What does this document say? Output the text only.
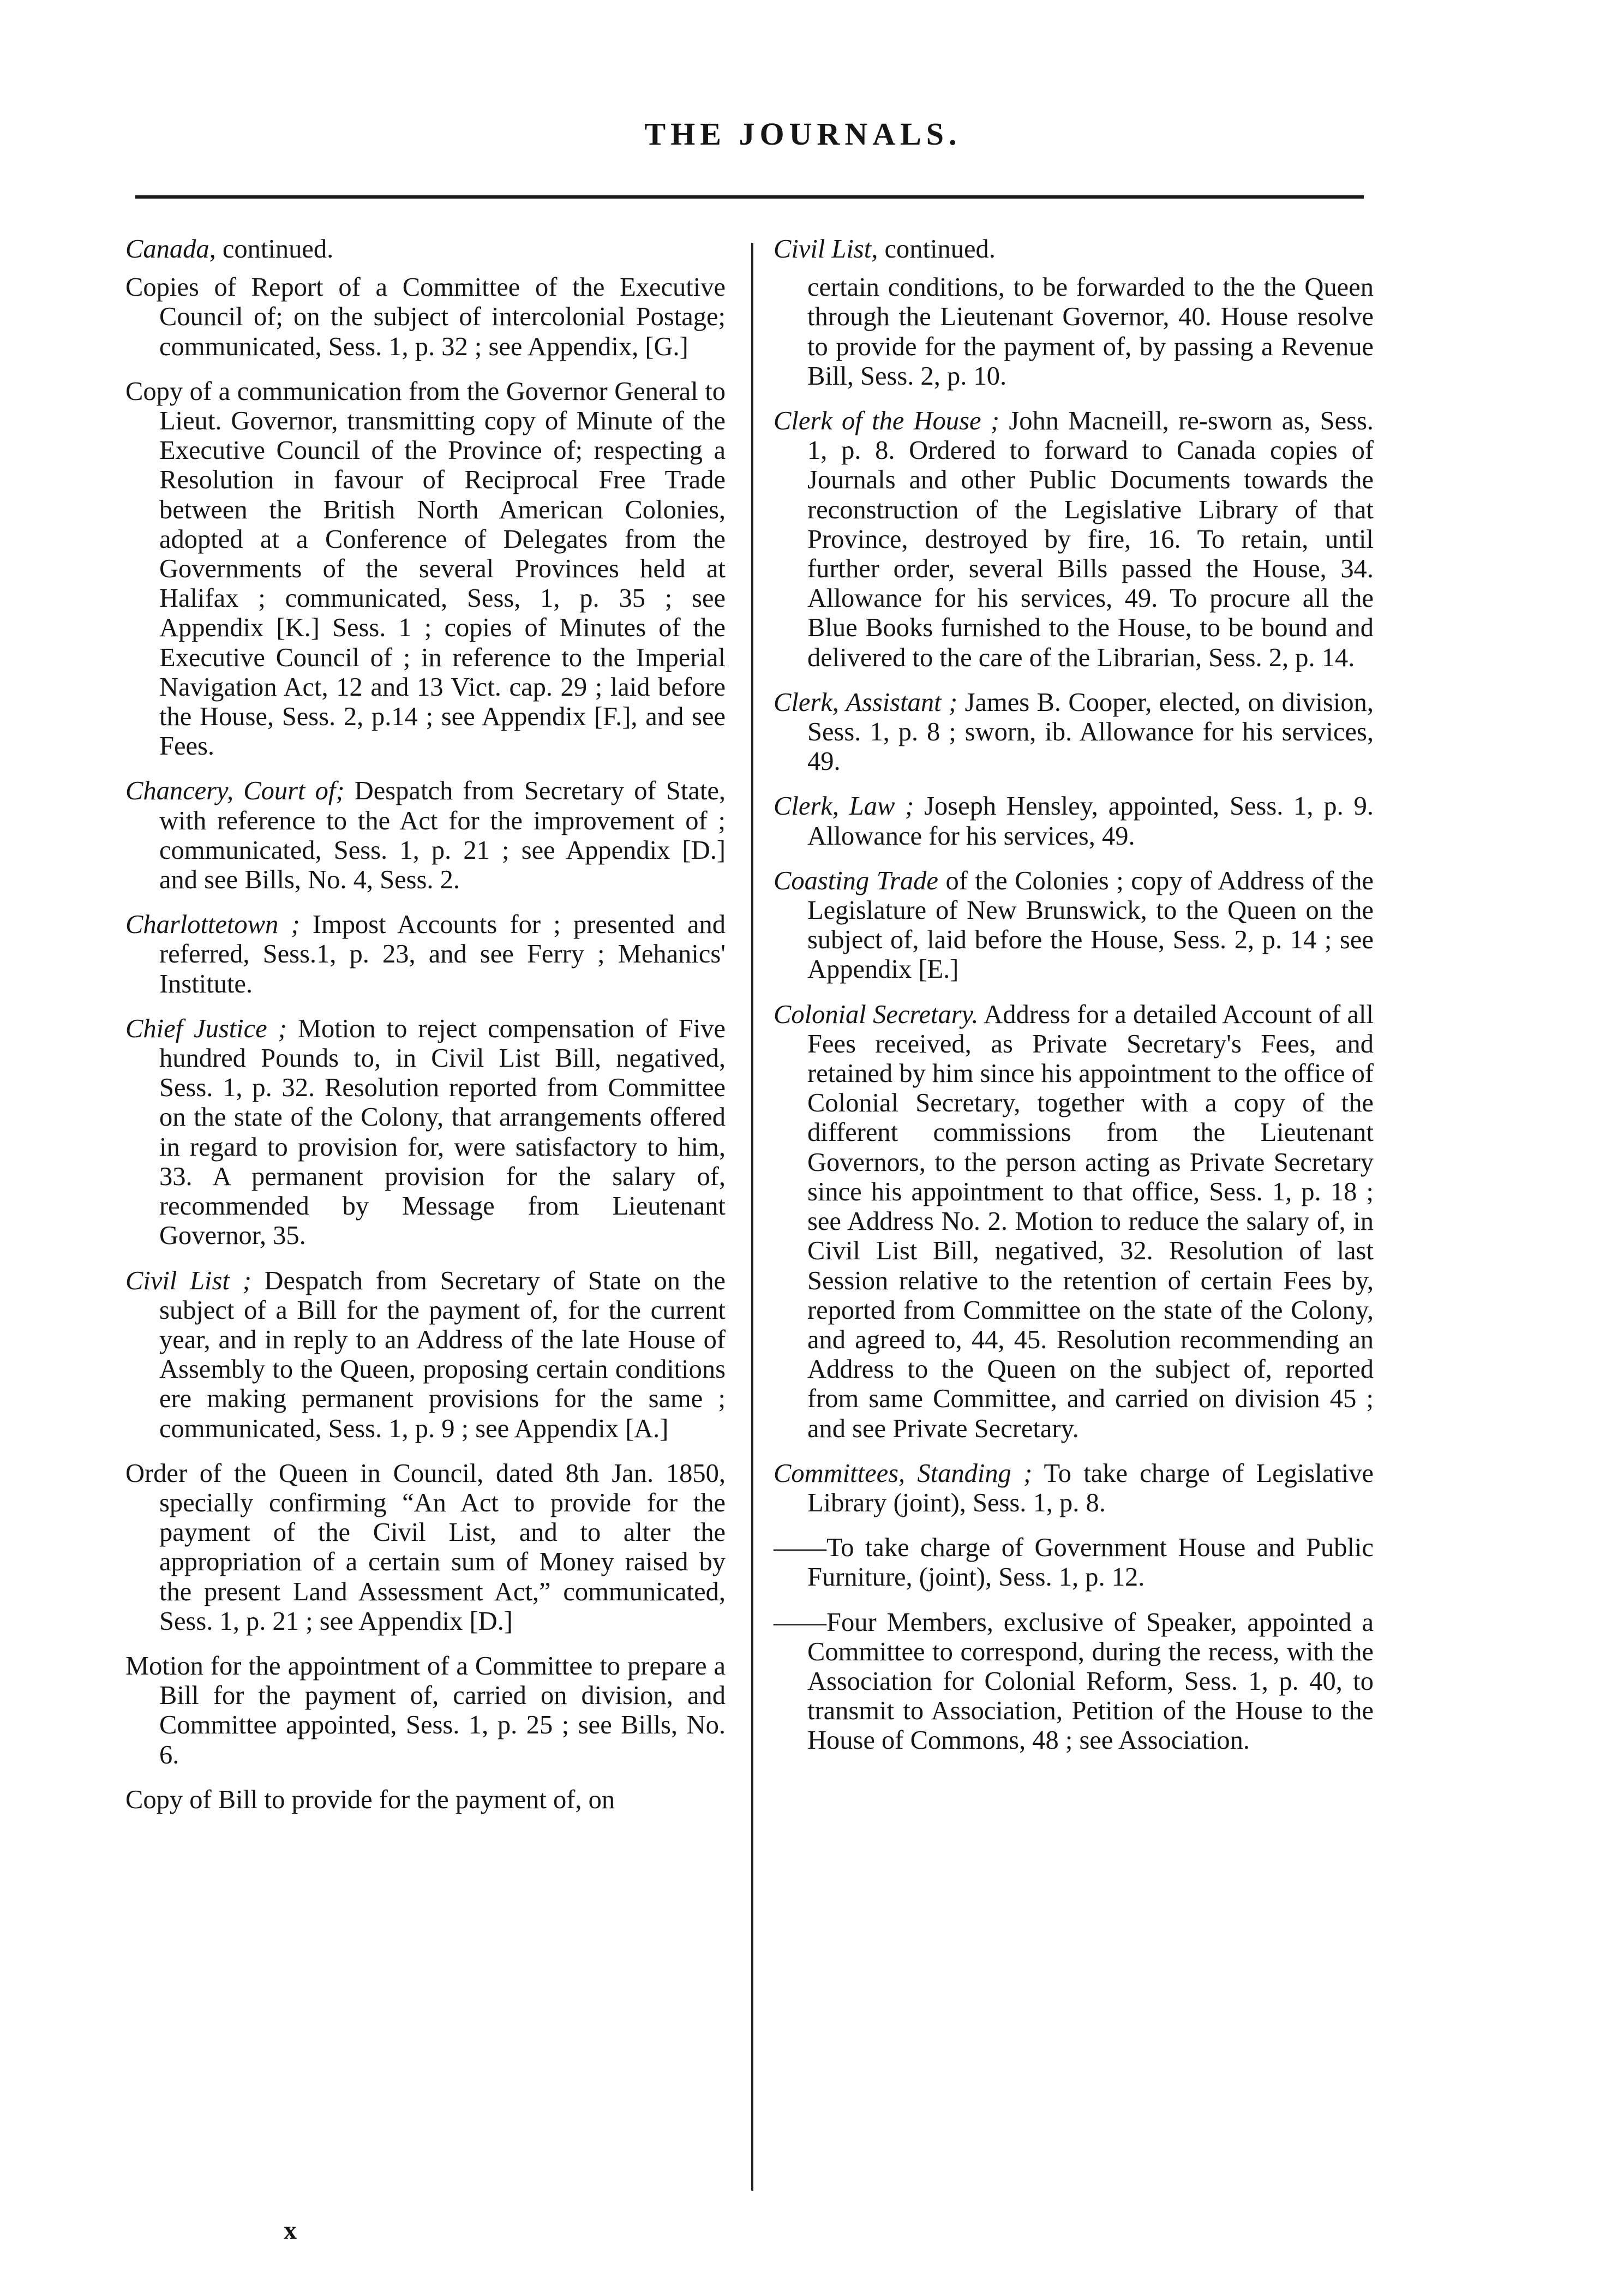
THE JOURNALS.

Canada, continued.

Copies of Report of a Committee of the Executive Council of; on the subject of intercolonial Postage; communicated, Sess. 1, p. 32 ; see Appendix, [G.]

Copy of a communication from the Governor General to Lieut. Governor, transmitting copy of Minute of the Executive Council of the Province of; respecting a Resolution in favour of Reciprocal Free Trade between the British North American Colonies, adopted at a Conference of Delegates from the Governments of the several Provinces held at Halifax ; communicated, Sess, 1, p. 35 ; see Appendix [K.] Sess. 1 ; copies of Minutes of the Executive Council of ; in reference to the Imperial Navigation Act, 12 and 13 Vict. cap. 29 ; laid before the House, Sess. 2, p.14 ; see Appendix [F.], and see Fees.

Chancery, Court of; Despatch from Secretary of State, with reference to the Act for the improvement of ; communicated, Sess. 1, p. 21 ; see Appendix [D.] and see Bills, No. 4, Sess. 2.

Charlottetown ; Impost Accounts for ; presented and referred, Sess.1, p. 23, and see Ferry ; Mehanics' Institute.

Chief Justice ; Motion to reject compensation of Five hundred Pounds to, in Civil List Bill, negatived, Sess. 1, p. 32. Resolution reported from Committee on the state of the Colony, that arrangements offered in regard to provision for, were satisfactory to him, 33. A permanent provision for the salary of, recommended by Message from Lieutenant Governor, 35.

Civil List ; Despatch from Secretary of State on the subject of a Bill for the payment of, for the current year, and in reply to an Address of the late House of Assembly to the Queen, proposing certain conditions ere making permanent provisions for the same ; communicated, Sess. 1, p. 9 ; see Appendix [A.]

Order of the Queen in Council, dated 8th Jan. 1850, specially confirming “An Act to provide for the payment of the Civil List, and to alter the appropriation of a certain sum of Money raised by the present Land Assessment Act,” communicated, Sess. 1, p. 21 ; see Appendix [D.]

Motion for the appointment of a Committee to prepare a Bill for the payment of, carried on division, and Committee appointed, Sess. 1, p. 25 ; see Bills, No. 6.

Copy of Bill to provide for the payment of, on

Civil List, continued.

certain conditions, to be forwarded to the the Queen through the Lieutenant Governor, 40. House resolve to provide for the payment of, by passing a Revenue Bill, Sess. 2, p. 10.

Clerk of the House ; John Macneill, re-sworn as, Sess. 1, p. 8. Ordered to forward to Canada copies of Journals and other Public Documents towards the reconstruction of the Legislative Library of that Province, destroyed by fire, 16. To retain, until further order, several Bills passed the House, 34. Allowance for his services, 49. To procure all the Blue Books furnished to the House, to be bound and delivered to the care of the Librarian, Sess. 2, p. 14.

Clerk, Assistant ; James B. Cooper, elected, on division, Sess. 1, p. 8 ; sworn, ib. Allowance for his services, 49.

Clerk, Law ; Joseph Hensley, appointed, Sess. 1, p. 9. Allowance for his services, 49.

Coasting Trade of the Colonies ; copy of Address of the Legislature of New Brunswick, to the Queen on the subject of, laid before the House, Sess. 2, p. 14 ; see Appendix [E.]

Colonial Secretary. Address for a detailed Account of all Fees received, as Private Secretary's Fees, and retained by him since his appointment to the office of Colonial Secretary, together with a copy of the different commissions from the Lieutenant Governors, to the person acting as Private Secretary since his appointment to that office, Sess. 1, p. 18 ; see Address No. 2. Motion to reduce the salary of, in Civil List Bill, negatived, 32. Resolution of last Session relative to the retention of certain Fees by, reported from Committee on the state of the Colony, and agreed to, 44, 45. Resolution recommending an Address to the Queen on the subject of, reported from same Committee, and carried on division 45 ; and see Private Secretary.

Committees, Standing ; To take charge of Legislative Library (joint), Sess. 1, p. 8.

——To take charge of Government House and Public Furniture, (joint), Sess. 1, p. 12.

——Four Members, exclusive of Speaker, appointed a Committee to correspond, during the recess, with the Association for Colonial Reform, Sess. 1, p. 40, to transmit to Association, Petition of the House to the House of Commons, 48 ; see Association.

x
